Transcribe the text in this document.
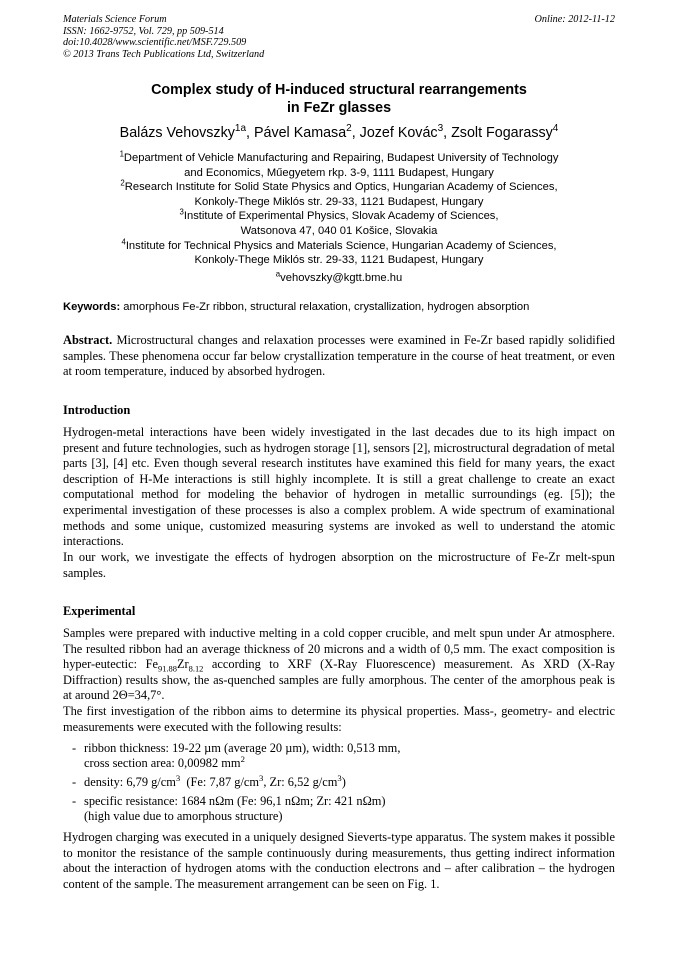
Materials Science Forum
ISSN: 1662-9752, Vol. 729, pp 509-514
doi:10.4028/www.scientific.net/MSF.729.509
© 2013 Trans Tech Publications Ltd, Switzerland
Online: 2012-11-12
Complex study of H-induced structural rearrangements
in FeZr glasses
Balázs Vehovszky$^{1a}$, Pável Kamasa$^2$, Jozef Kovác$^3$, Zsolt Fogarassy$^4$
$^1$Department of Vehicle Manufacturing and Repairing, Budapest University of Technology
and Economics, Műegyetem rkp. 3-9, 1111 Budapest, Hungary
$^2$Research Institute for Solid State Physics and Optics, Hungarian Academy of Sciences,
Konkoly-Thege Miklós str. 29-33, 1121 Budapest, Hungary
$^3$Institute of Experimental Physics, Slovak Academy of Sciences,
Watsonova 47, 040 01 Košice, Slovakia
$^4$Institute for Technical Physics and Materials Science, Hungarian Academy of Sciences,
Konkoly-Thege Miklós str. 29-33, 1121 Budapest, Hungary
$^a$vehovszky@kgtt.bme.hu
Keywords: amorphous Fe-Zr ribbon, structural relaxation, crystallization, hydrogen absorption
Abstract. Microstructural changes and relaxation processes were examined in Fe-Zr based rapidly solidified samples. These phenomena occur far below crystallization temperature in the course of heat treatment, or even at room temperature, induced by absorbed hydrogen.
Introduction
Hydrogen-metal interactions have been widely investigated in the last decades due to its high impact on present and future technologies, such as hydrogen storage [1], sensors [2], microstructural degradation of metal parts [3], [4] etc. Even though several research institutes have examined this field for many years, the exact description of H-Me interactions is still highly incomplete. It is still a great challenge to create an exact computational method for modeling the behavior of hydrogen in metallic surroundings (eg. [5]); the experimental investigation of these processes is also a complex problem. A wide spectrum of examinational methods and some unique, customized measuring systems are invoked as well to understand the atomic interactions.
In our work, we investigate the effects of hydrogen absorption on the microstructure of Fe-Zr melt-spun samples.
Experimental
Samples were prepared with inductive melting in a cold copper crucible, and melt spun under Ar atmosphere. The resulted ribbon had an average thickness of 20 microns and a width of 0,5 mm. The exact composition is hyper-eutectic: $Fe_{91.88}Zr_{8.12}$ according to XRF (X-Ray Fluorescence) measurement. As XRD (X-Ray Diffraction) results show, the as-quenched samples are fully amorphous. The center of the amorphous peak is at around 2Θ=34,7°.
The first investigation of the ribbon aims to determine its physical properties. Mass-, geometry- and electric measurements were executed with the following results:
- ribbon thickness: 19-22 µm (average 20 µm), width: 0,513 mm,
cross section area: 0,00982 $mm^2$
- density: 6,79 $g/cm^3$  (Fe: 7,87 $g/cm^3$, Zr: 6,52 $g/cm^3$)
- specific resistance: 1684 nΩm (Fe: 96,1 nΩm; Zr: 421 nΩm)
(high value due to amorphous structure)
Hydrogen charging was executed in a uniquely designed Sieverts-type apparatus. The system makes it possible to monitor the resistance of the sample continuously during measurements, thus getting indirect information about the interaction of hydrogen atoms with the conduction electrons and – after calibration – the hydrogen content of the sample. The measurement arrangement can be seen on Fig. 1.
